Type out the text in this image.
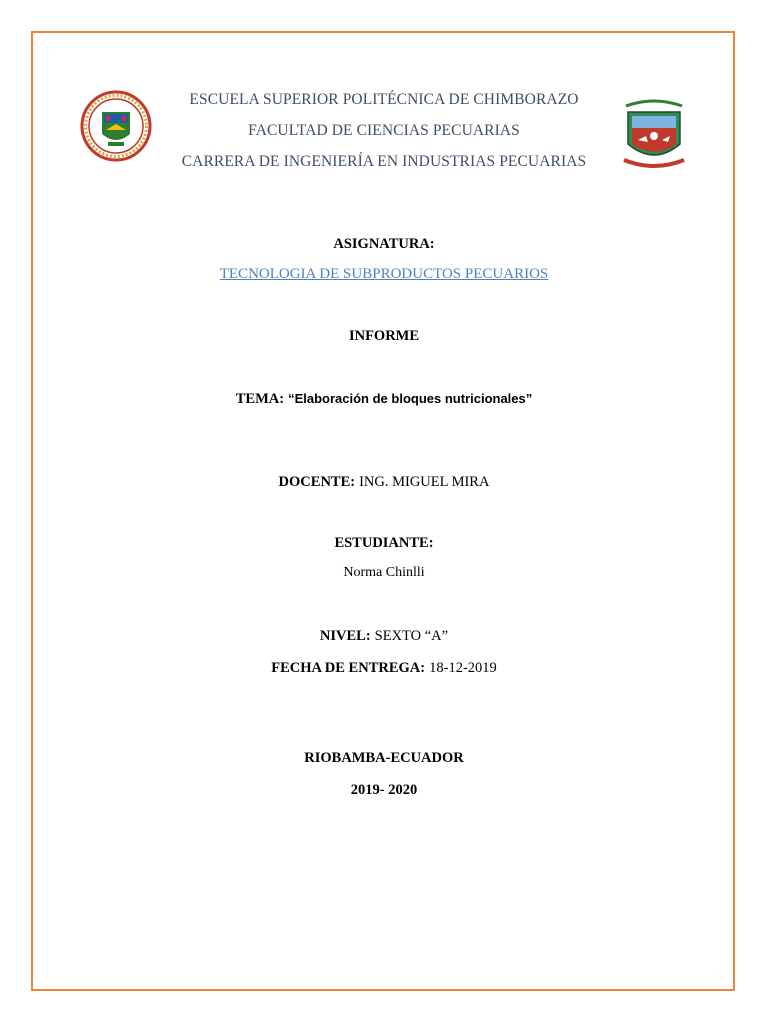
ESCUELA SUPERIOR POLITÉCNICA DE CHIMBORAZO
FACULTAD DE CIENCIAS PECUARIAS
CARRERA DE INGENIERÍA EN INDUSTRIAS PECUARIAS
ASIGNATURA:
TECNOLOGIA DE SUBPRODUCTOS PECUARIOS
INFORME
TEMA: “Elaboración de bloques nutricionales”
DOCENTE: ING. MIGUEL MIRA
ESTUDIANTE:
Norma Chinlli
NIVEL: SEXTO “A”
FECHA DE ENTREGA: 18-12-2019
RIOBAMBA-ECUADOR
2019- 2020
